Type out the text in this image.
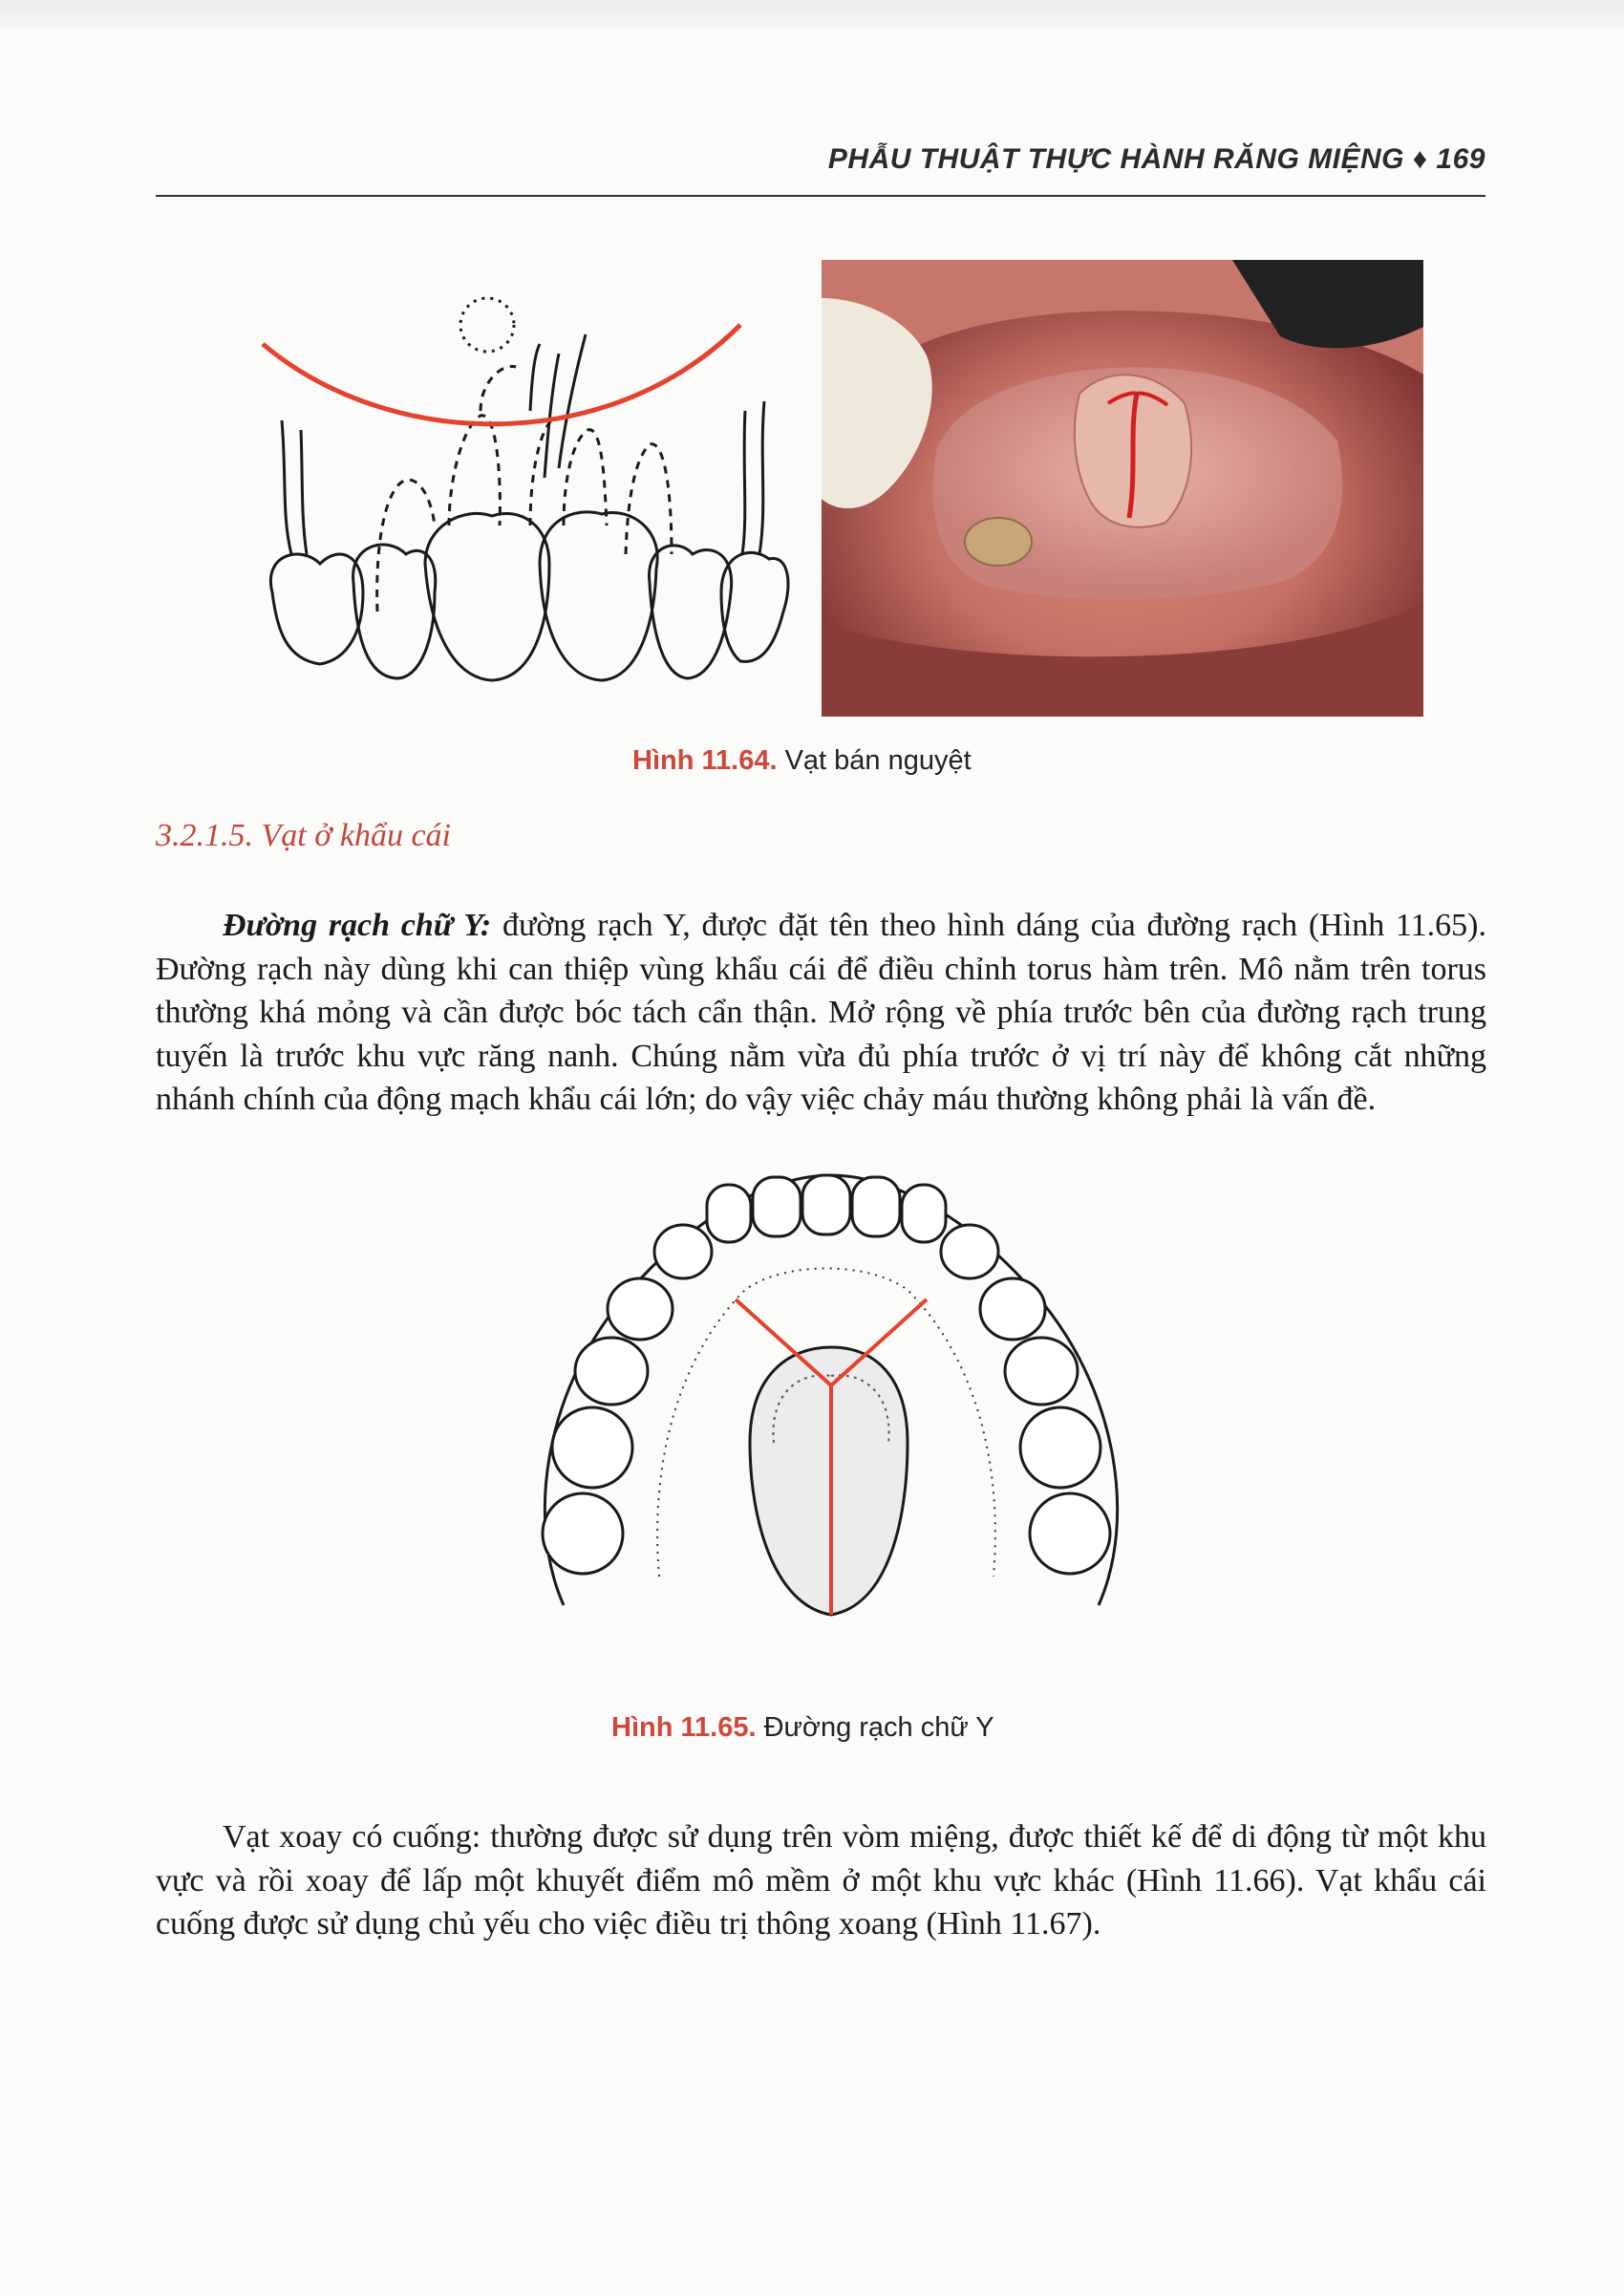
PHẪU THUẬT THỰC HÀNH RĂNG MIỆNG ♦ 169
Hình 11.64. Vạt bán nguyệt
3.2.1.5. Vạt ở khẩu cái

Đường rạch chữ Y: đường rạch Y, được đặt tên theo hình dáng của đường rạch (Hình 11.65). Đường rạch này dùng khi can thiệp vùng khẩu cái để điều chỉnh torus hàm trên. Mô nằm trên torus thường khá mỏng và cần được bóc tách cẩn thận. Mở rộng về phía trước bên của đường rạch trung tuyến là trước khu vực răng nanh. Chúng nằm vừa đủ phía trước ở vị trí này để không cắt những nhánh chính của động mạch khẩu cái lớn; do vậy việc chảy máu thường không phải là vấn đề.

Hình 11.65. Đường rạch chữ Y

Vạt xoay có cuống: thường được sử dụng trên vòm miệng, được thiết kế để di động từ một khu vực và rồi xoay để lấp một khuyết điểm mô mềm ở một khu vực khác (Hình 11.66). Vạt khẩu cái cuống được sử dụng chủ yếu cho việc điều trị thông xoang (Hình 11.67).
